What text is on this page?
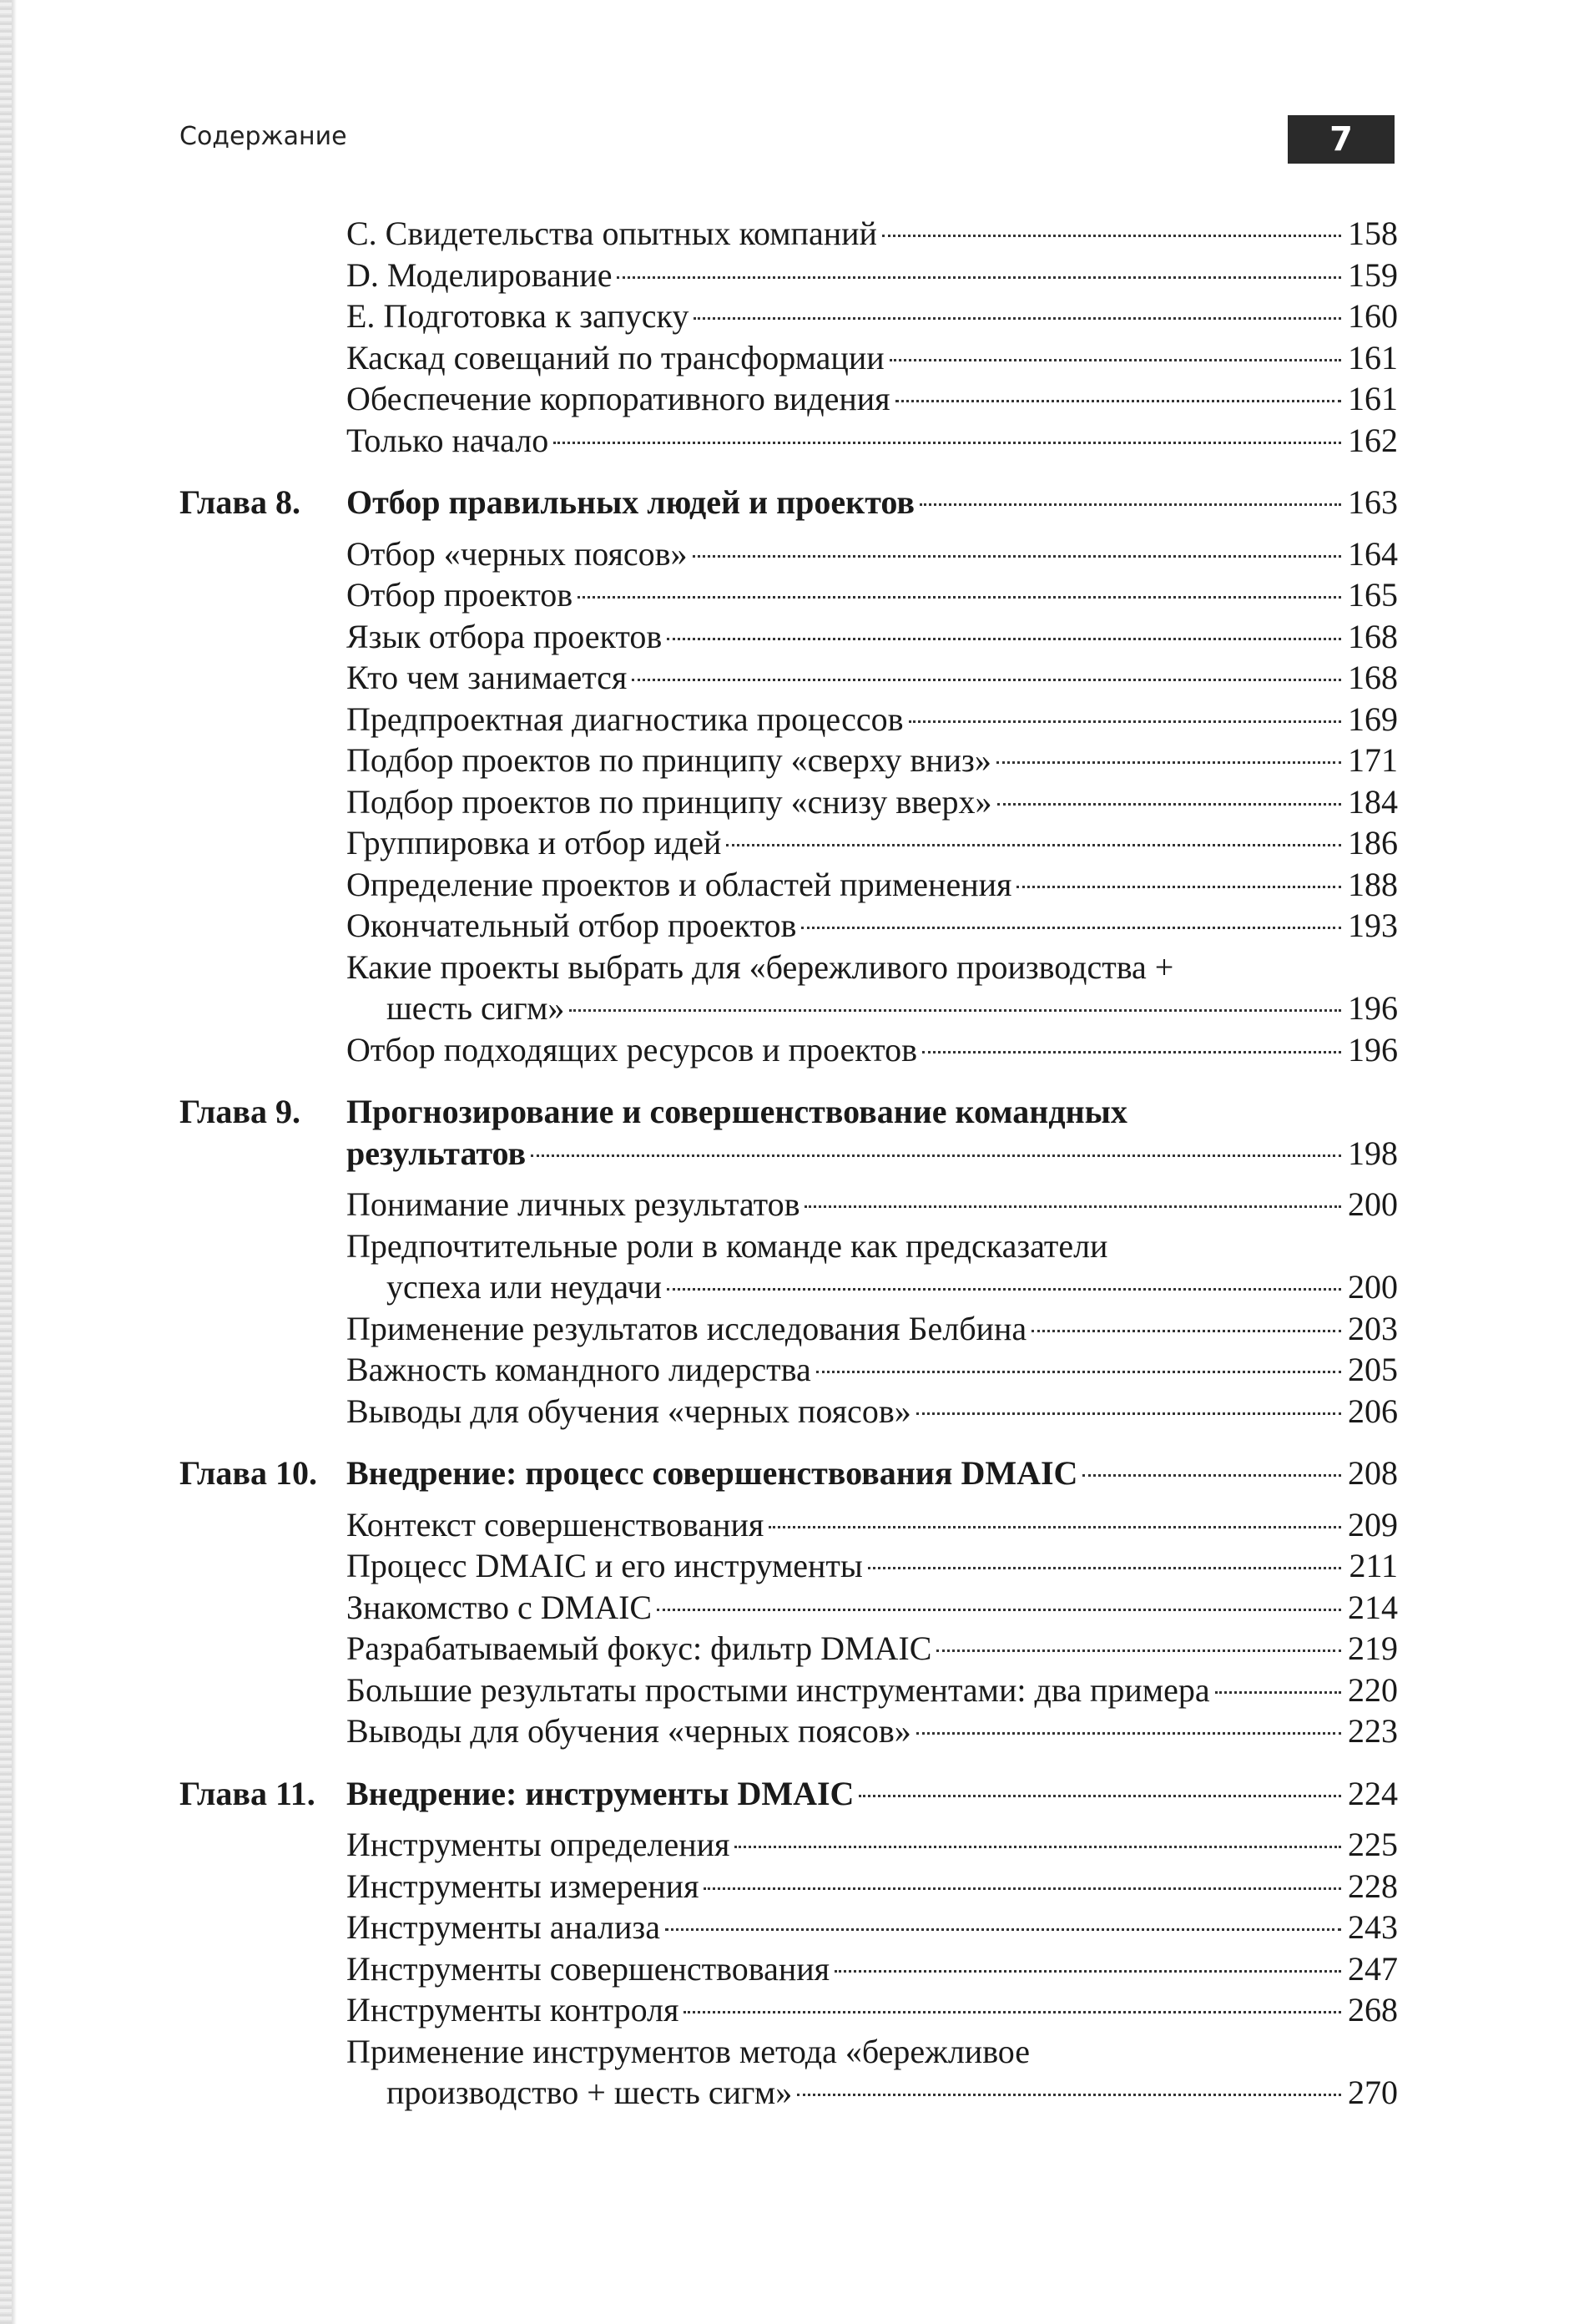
Содержание	7
C. Свидетельства опытных компаний	158
D. Моделирование	159
E. Подготовка к запуску	160
Каскад совещаний по трансформации	161
Обеспечение корпоративного видения	161
Только начало	162
Глава 8.	Отбор правильных людей и проектов	163
Отбор «черных поясов»	164
Отбор проектов	165
Язык отбора проектов	168
Кто чем занимается	168
Предпроектная диагностика процессов	169
Подбор проектов по принципу «сверху вниз»	171
Подбор проектов по принципу «снизу вверх»	184
Группировка и отбор идей	186
Определение проектов и областей применения	188
Окончательный отбор проектов	193
Какие проекты выбрать для «бережливого производства +
шесть сигм»	196
Отбор подходящих ресурсов и проектов	196
Глава 9.	Прогнозирование и совершенствование командных
результатов	198
Понимание личных результатов	200
Предпочтительные роли в команде как предсказатели
успеха или неудачи	200
Применение результатов исследования Белбина	203
Важность командного лидерства	205
Выводы для обучения «черных поясов»	206
Глава 10. Внедрение: процесс совершенствования DMAIC	208
Контекст совершенствования	209
Процесс DMAIC и его инструменты	211
Знакомство с DMAIC	214
Разрабатываемый фокус: фильтр DMAIC	219
Большие результаты простыми инструментами: два примера	220
Выводы для обучения «черных поясов»	223
Глава 11. Внедрение: инструменты DMAIC	224
Инструменты определения	225
Инструменты измерения	228
Инструменты анализа	243
Инструменты совершенствования	247
Инструменты контроля	268
Применение инструментов метода «бережливое
производство + шесть сигм»	270
